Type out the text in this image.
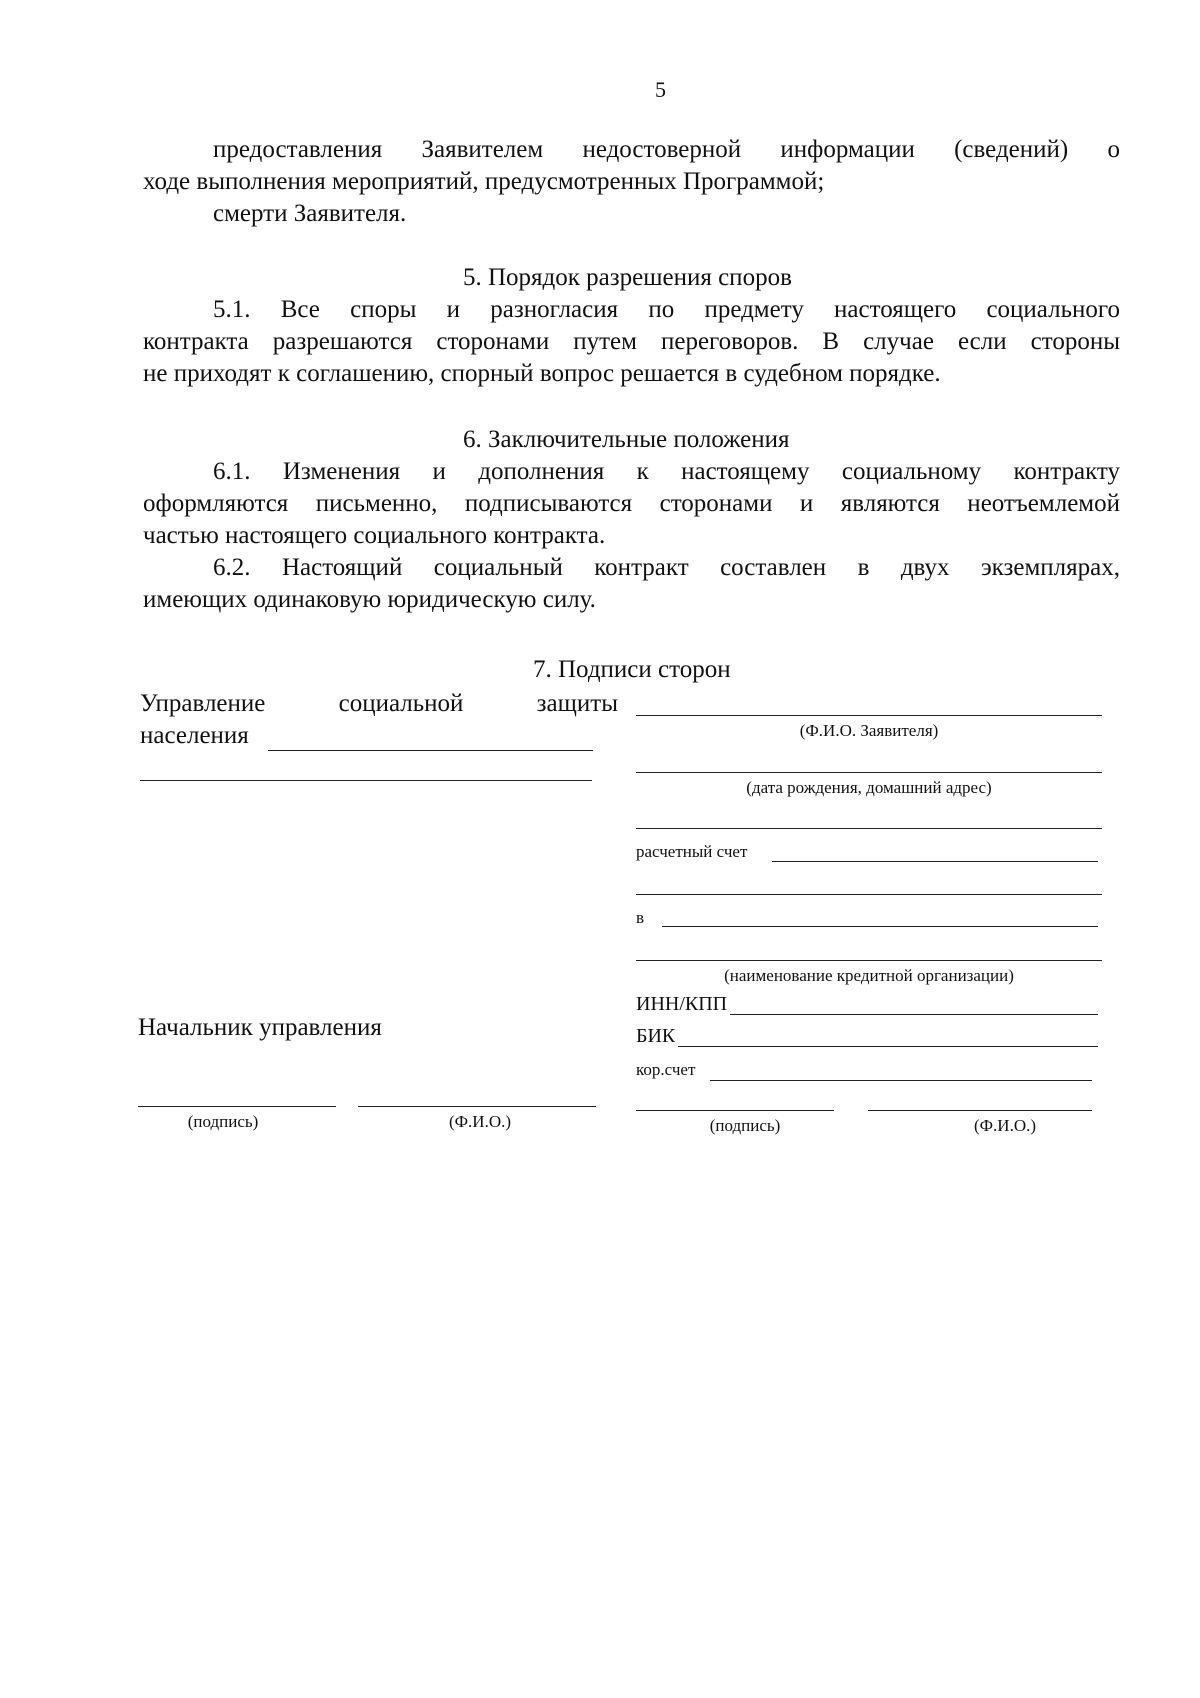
5
предоставления Заявителем недостоверной информации (сведений) о
ходе выполнения мероприятий, предусмотренных Программой;
смерти Заявителя.
5. Порядок разрешения споров
5.1. Все споры и разногласия по предмету настоящего социального
контракта разрешаются сторонами путем переговоров. В случае если стороны
не приходят к соглашению, спорный вопрос решается в судебном порядке.
6. Заключительные положения
6.1. Изменения и дополнения к настоящему социальному контракту
оформляются письменно, подписываются сторонами и являются неотъемлемой
частью настоящего социального контракта.
6.2. Настоящий социальный контракт составлен в двух экземплярах,
имеющих одинаковую юридическую силу.
7. Подписи сторон
Управление социальной защиты
населения
Начальник управления
(подпись)	(Ф.И.О.)
(Ф.И.О. Заявителя)
(дата рождения, домашний адрес)
расчетный счет
в
(наименование кредитной организации)
ИНН/КПП
БИК
кор.счет
(подпись)	(Ф.И.О.)
